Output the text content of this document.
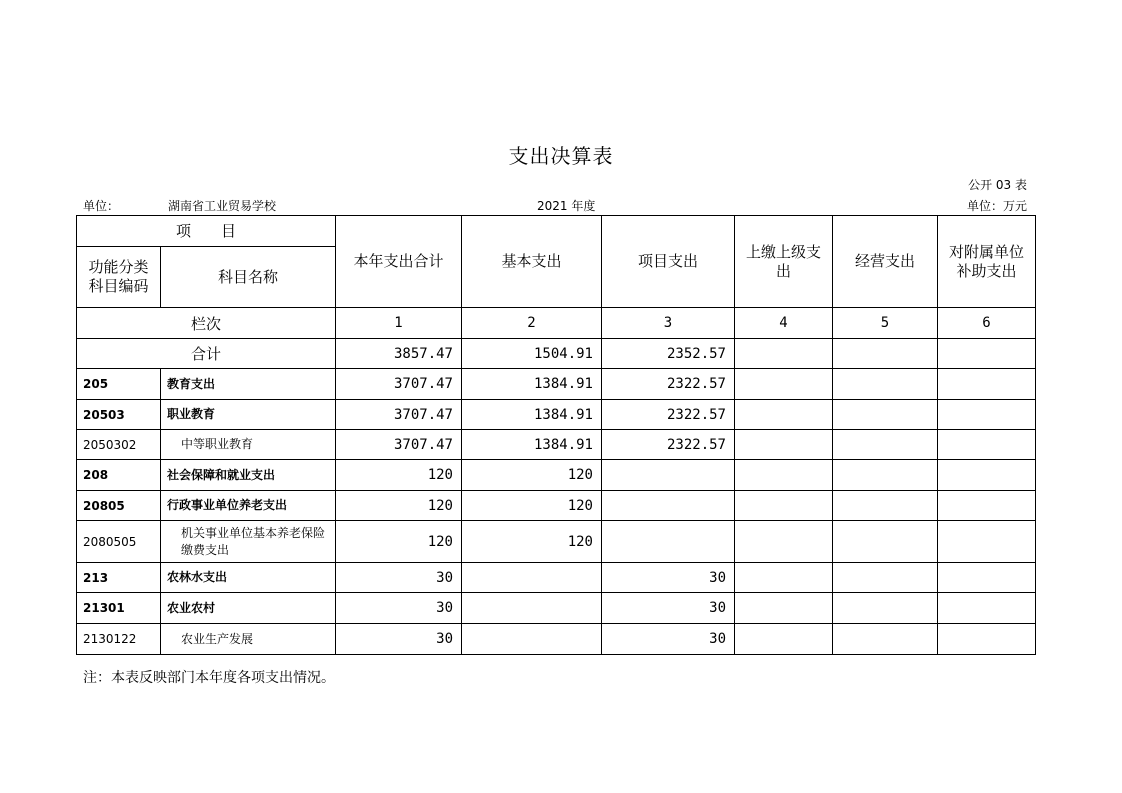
支出决算表
公开 03 表
单位：	湖南省工业贸易学校	2021 年度	单位：万元
项　　目		本年支出合计	基本支出	项目支出	上缴上级支出	经营支出	对附属单位补助支出
功能分类科目编码	科目名称						
栏次		1	2	3	4	5	6
合计		3857.47	1504.91	2352.57			
205	教育支出	3707.47	1384.91	2322.57			
20503	职业教育	3707.47	1384.91	2322.57			
2050302	中等职业教育	3707.47	1384.91	2322.57			
208	社会保障和就业支出	120	120				
20805	行政事业单位养老支出	120	120				
2080505	机关事业单位基本养老保险缴费支出	120	120				
213	农林水支出	30		30			
21301	农业农村	30		30			
2130122	农业生产发展	30		30			
注：本表反映部门本年度各项支出情况。
